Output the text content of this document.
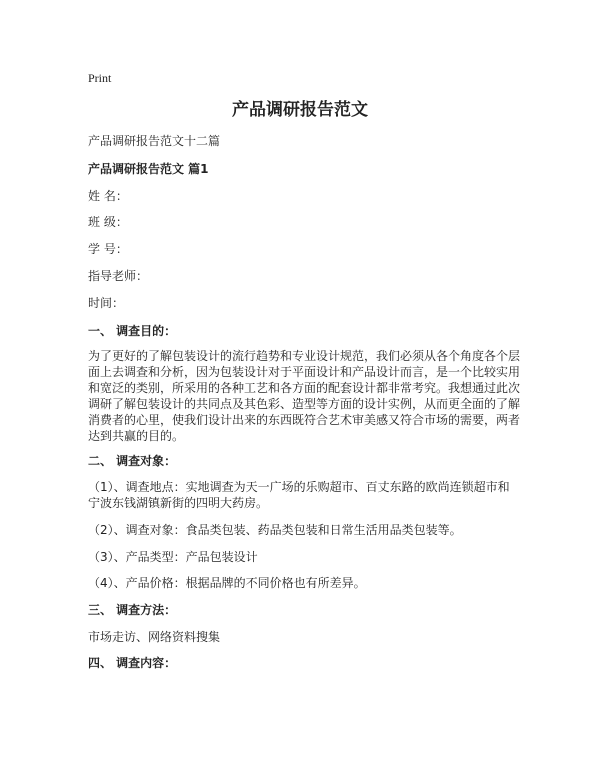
Print
产品调研报告范文
产品调研报告范文十二篇
产品调研报告范文 篇1
姓 名：
班 级：
学 号：
指导老师：
时间：
一、 调查目的：
为了更好的了解包装设计的流行趋势和专业设计规范，我们必须从各个角度各个层
面上去调查和分析，因为包装设计对于平面设计和产品设计而言，是一个比较实用
和宽泛的类别，所采用的各种工艺和各方面的配套设计都非常考究。我想通过此次
调研了解包装设计的共同点及其色彩、造型等方面的设计实例，从而更全面的了解
消费者的心里，使我们设计出来的东西既符合艺术审美感又符合市场的需要，两者
达到共赢的目的。
二、 调查对象：
（1）、调查地点：实地调查为天一广场的乐购超市、百丈东路的欧尚连锁超市和
宁波东钱湖镇新街的四明大药房。
（2）、调查对象：食品类包装、药品类包装和日常生活用品类包装等。
（3）、产品类型：产品包装设计
（4）、产品价格：根据品牌的不同价格也有所差异。
三、 调查方法：
市场走访、网络资料搜集
四、 调查内容：
